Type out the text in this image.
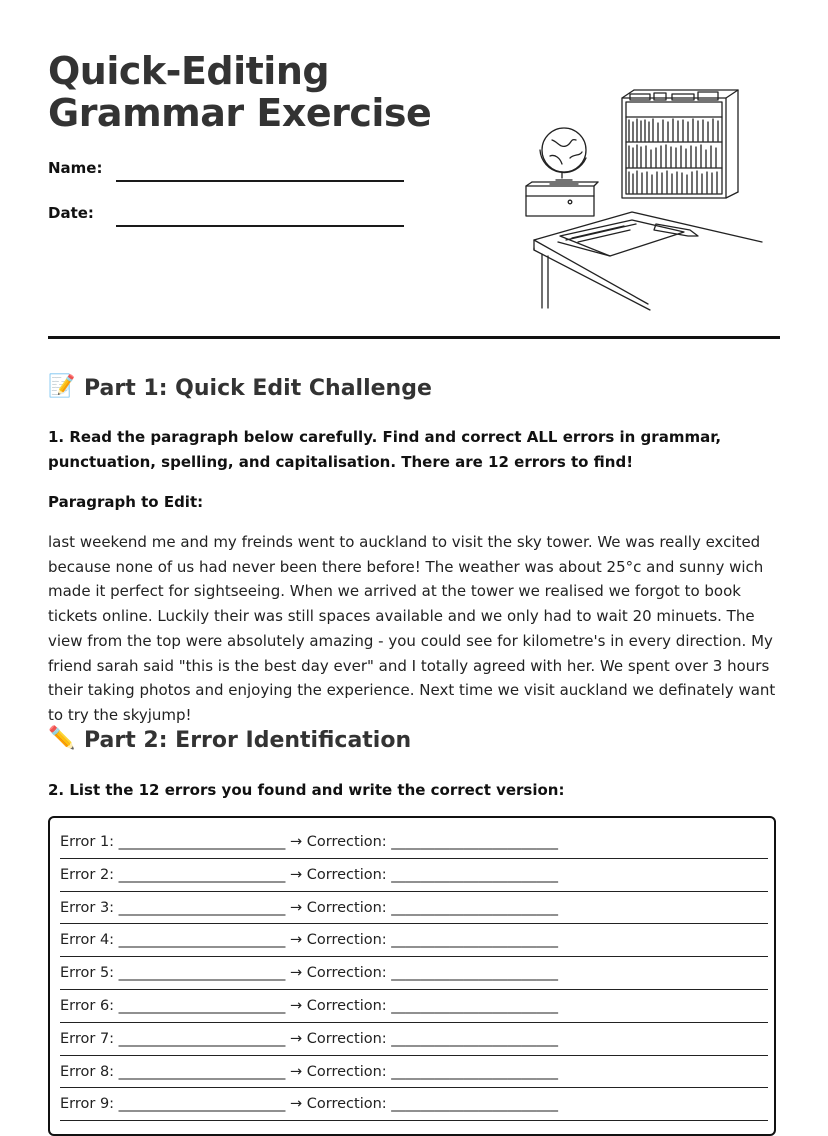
Quick-Editing Grammar Exercise
Name:
Date:
📝 Part 1: Quick Edit Challenge

1. Read the paragraph below carefully. Find and correct ALL errors in grammar, punctuation, spelling, and capitalisation. There are 12 errors to find!

Paragraph to Edit:

last weekend me and my freinds went to auckland to visit the sky tower. We was really excited because none of us had never been there before! The weather was about 25°c and sunny wich made it perfect for sightseeing. When we arrived at the tower we realised we forgot to book tickets online. Luckily their was still spaces available and we only had to wait 20 minuets. The view from the top were absolutely amazing - you could see for kilometre's in every direction. My friend sarah said "this is the best day ever" and I totally agreed with her. We spent over 3 hours their taking photos and enjoying the experience. Next time we visit auckland we definately want to try the skyjump!

✏️ Part 2: Error Identification

2. List the 12 errors you found and write the correct version:

Error 1: _______________________ → Correction: _______________________
Error 2: _______________________ → Correction: _______________________
Error 3: _______________________ → Correction: _______________________
Error 4: _______________________ → Correction: _______________________
Error 5: _______________________ → Correction: _______________________
Error 6: _______________________ → Correction: _______________________
Error 7: _______________________ → Correction: _______________________
Error 8: _______________________ → Correction: _______________________
Error 9: _______________________ → Correction: _______________________
